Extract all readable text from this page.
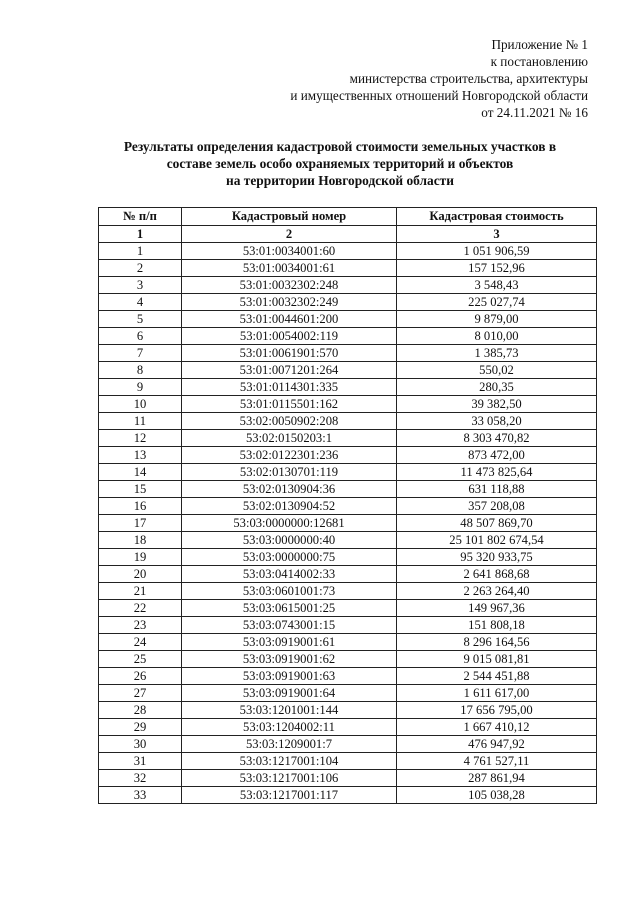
Приложение № 1
к постановлению
министерства строительства, архитектуры
и имущественных отношений Новгородской области
от 24.11.2021 № 16
Результаты определения кадастровой стоимости земельных участков в
составе земель особо охраняемых территорий и объектов
на территории Новгородской области
№ п/п	Кадастровый номер	Кадастровая стоимость
1	2	3
1	53:01:0034001:60	1 051 906,59
2	53:01:0034001:61	157 152,96
3	53:01:0032302:248	3 548,43
4	53:01:0032302:249	225 027,74
5	53:01:0044601:200	9 879,00
6	53:01:0054002:119	8 010,00
7	53:01:0061901:570	1 385,73
8	53:01:0071201:264	550,02
9	53:01:0114301:335	280,35
10	53:01:0115501:162	39 382,50
11	53:02:0050902:208	33 058,20
12	53:02:0150203:1	8 303 470,82
13	53:02:0122301:236	873 472,00
14	53:02:0130701:119	11 473 825,64
15	53:02:0130904:36	631 118,88
16	53:02:0130904:52	357 208,08
17	53:03:0000000:12681	48 507 869,70
18	53:03:0000000:40	25 101 802 674,54
19	53:03:0000000:75	95 320 933,75
20	53:03:0414002:33	2 641 868,68
21	53:03:0601001:73	2 263 264,40
22	53:03:0615001:25	149 967,36
23	53:03:0743001:15	151 808,18
24	53:03:0919001:61	8 296 164,56
25	53:03:0919001:62	9 015 081,81
26	53:03:0919001:63	2 544 451,88
27	53:03:0919001:64	1 611 617,00
28	53:03:1201001:144	17 656 795,00
29	53:03:1204002:11	1 667 410,12
30	53:03:1209001:7	476 947,92
31	53:03:1217001:104	4 761 527,11
32	53:03:1217001:106	287 861,94
33	53:03:1217001:117	105 038,28
